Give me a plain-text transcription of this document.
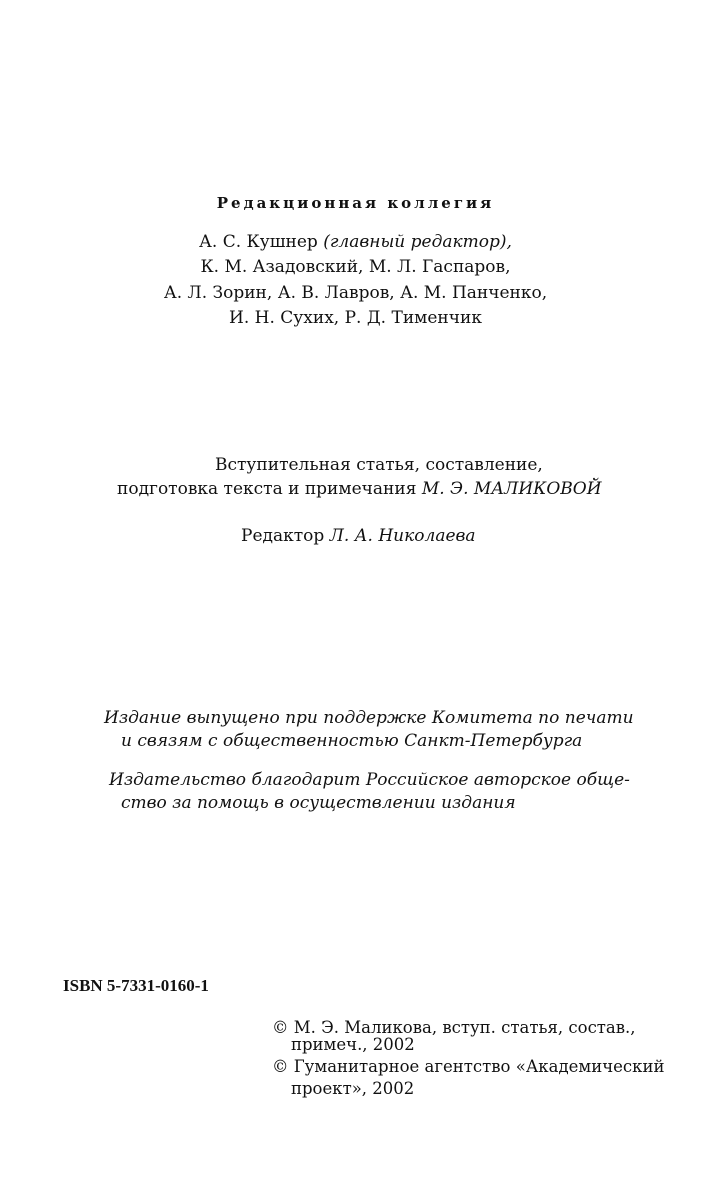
Редакционная коллегия
А. С. Кушнер (главный редактор),
К. М. Азадовский, М. Л. Гаспаров,
А. Л. Зорин, А. В. Лавров, А. М. Панченко,
И. Н. Сухих, Р. Д. Тименчик
Вступительная статья, составление,
подготовка текста и примечания М. Э. МАЛИКОВОЙ
Редактор Л. А. Николаева
Издание выпущено при поддержке Комитета по печати
и связям с общественностью Санкт-Петербурга
Издательство благодарит Российское авторское обще-
ство за помощь в осуществлении издания
ISBN 5-7331-0160-1
© М. Э. Маликова, вступ. статья, состав.,
примеч., 2002
© Гуманитарное агентство «Академический
проект», 2002
